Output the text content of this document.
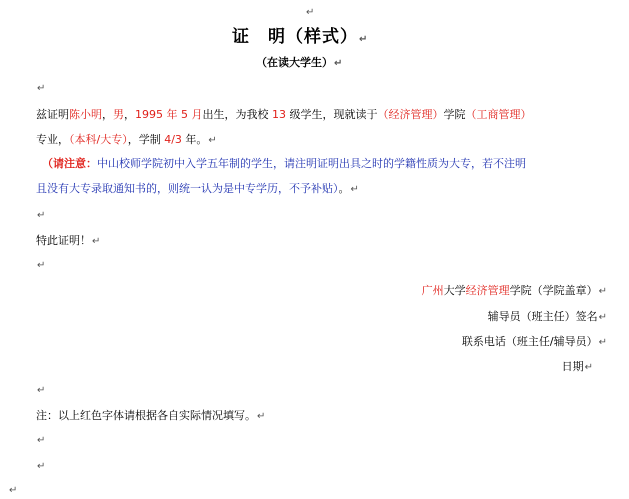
↵
证　明（样式）↵
（在读大学生）↵
↵
兹证明陈小明，男，1995 年 5 月出生，为我校 13 级学生，现就读于（经济管理）学院（工商管理）
专业，（本科/大专），学制 4/3 年。↵
（请注意：中山校师学院初中入学五年制的学生，请注明证明出具之时的学籍性质为大专，若不注明
且没有大专录取通知书的，则统一认为是中专学历，不予补贴）。↵
↵
特此证明！↵
↵
广州大学经济管理学院（学院盖章）↵
辅导员（班主任）签名↵
联系电话（班主任/辅导员）↵
日期↵
↵
注：以上红色字体请根据各自实际情况填写。↵
↵
↵
↵
